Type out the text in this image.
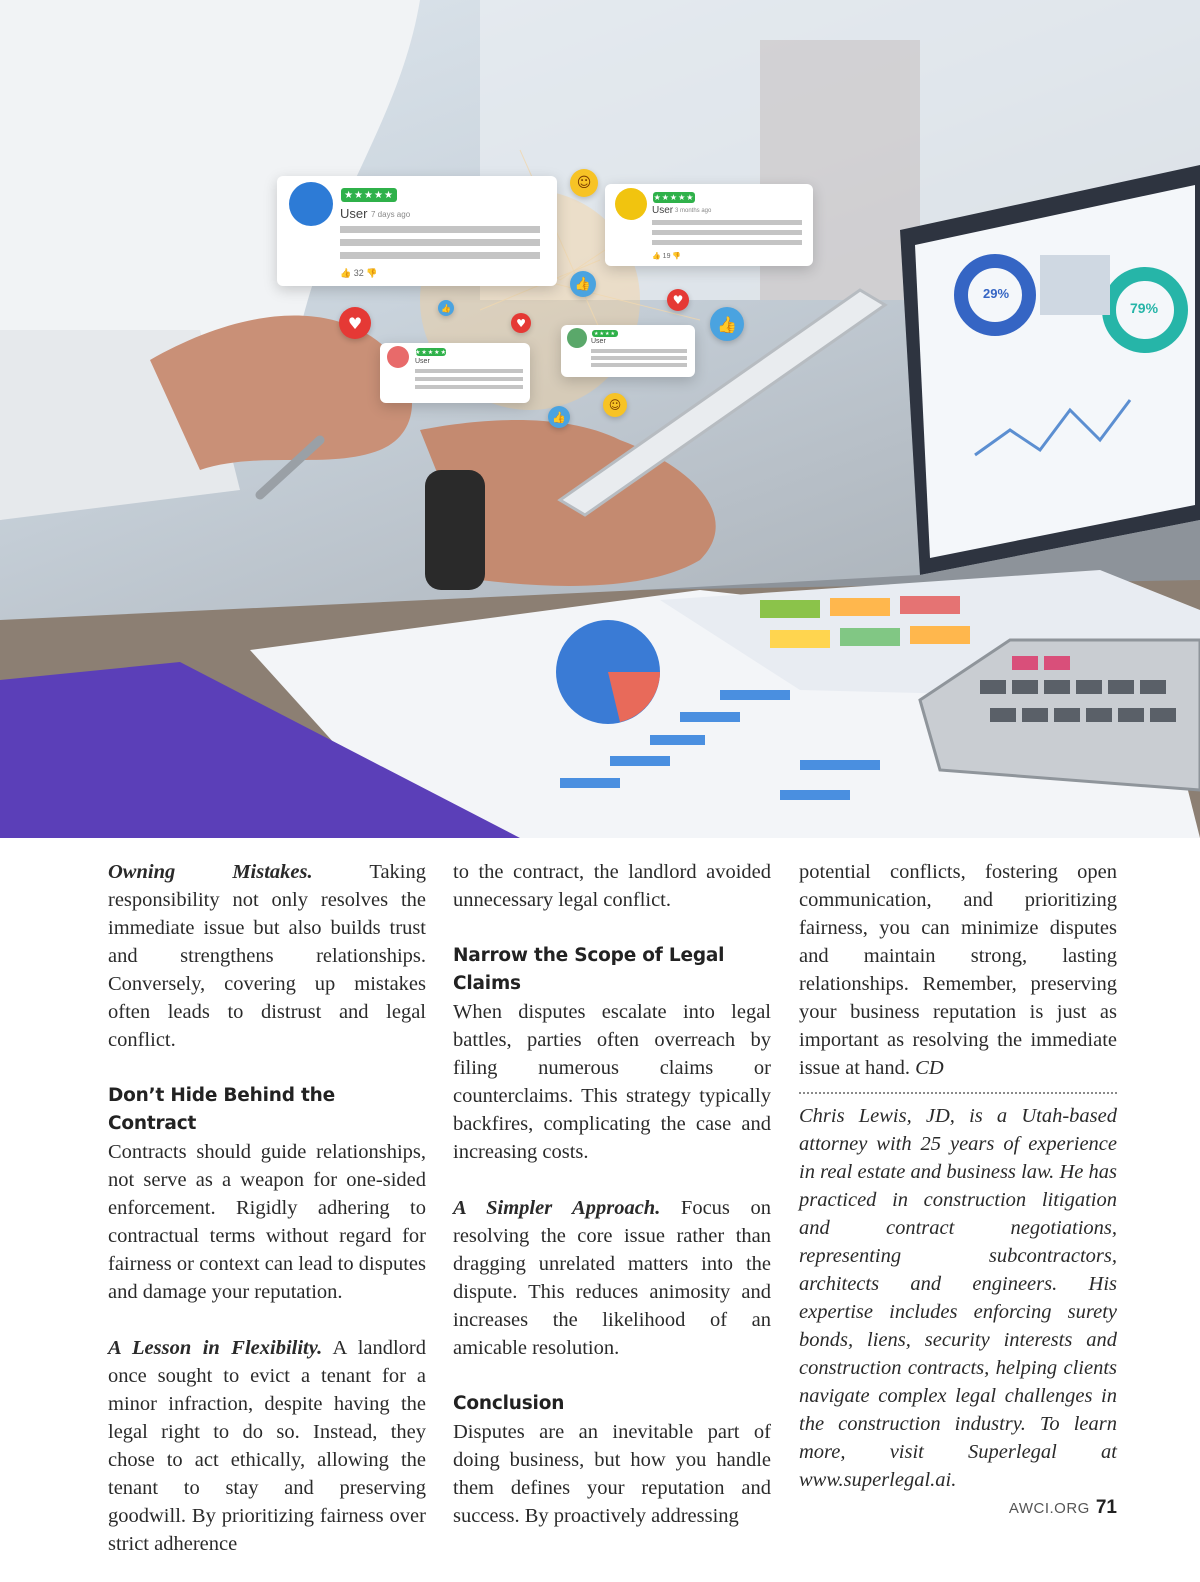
★★★★★
User 7 days ago
👍 32 👎
★★★★★
User 3 months ago
👍 19 👎
★★★★★
User
★★★★
User
♥	♥
♥
👍
👍
👍
👍
☺
☺
29%
79%

Owning Mistakes. Taking responsibility not only resolves the immediate issue but also builds trust and strengthens relationships. Conversely, covering up mistakes often leads to distrust and legal conflict.

Don’t Hide Behind the Contract

Contracts should guide relationships, not serve as a weapon for one-sided enforcement. Rigidly adhering to contractual terms without regard for fairness or context can lead to disputes and damage your reputation.

A Lesson in Flexibility. A landlord once sought to evict a tenant for a minor infraction, despite having the legal right to do so. Instead, they chose to act ethically, allowing the tenant to stay and preserving goodwill. By prioritizing fairness over strict adherence

to the contract, the landlord avoided unnecessary legal conflict.

Narrow the Scope of Legal Claims

When disputes escalate into legal battles, parties often overreach by filing numerous claims or counterclaims. This strategy typically backfires, complicating the case and increasing costs.

A Simpler Approach. Focus on resolving the core issue rather than dragging unrelated matters into the dispute. This reduces animosity and increases the likelihood of an amicable resolution.

Conclusion

Disputes are an inevitable part of doing business, but how you handle them defines your reputation and success. By proactively addressing

potential conflicts, fostering open communication, and prioritizing fairness, you can minimize disputes and maintain strong, lasting relationships. Remember, preserving your business reputation is just as important as resolving the immediate issue at hand. CD

Chris Lewis, JD, is a Utah-based attorney with 25 years of experience in real estate and business law. He has practiced in construction litigation and contract negotiations, representing subcontractors, architects and engineers. His expertise includes enforcing surety bonds, liens, security interests and construction contracts, helping clients navigate complex legal challenges in the construction industry. To learn more, visit Superlegal at www.superlegal.ai.

AWCI.ORG 71
